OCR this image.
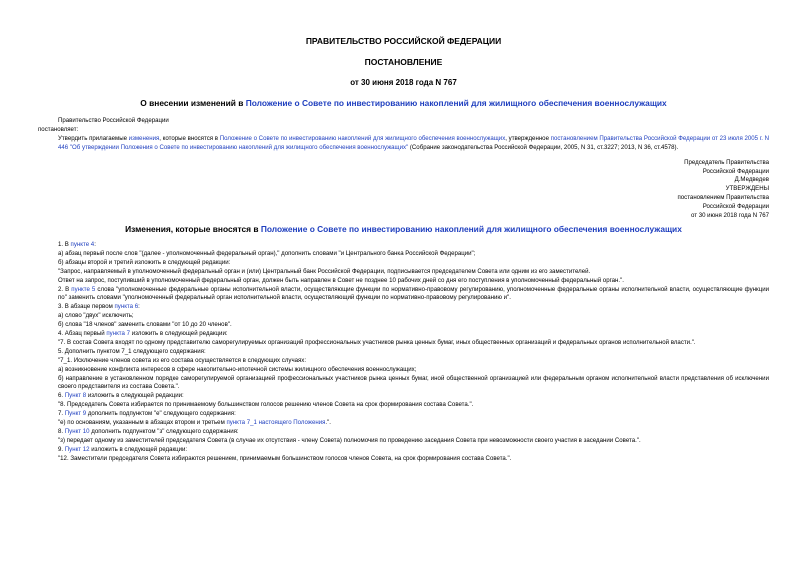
ПРАВИТЕЛЬСТВО РОССИЙСКОЙ ФЕДЕРАЦИИ
ПОСТАНОВЛЕНИЕ
от 30 июня 2018 года N 767
О внесении изменений в Положение о Совете по инвестированию накоплений для жилищного обеспечения военнослужащих

Правительство Российской Федерации

постановляет:

Утвердить прилагаемые изменения, которые вносятся в Положение о Совете по инвестированию накоплений для жилищного обеспечения военнослужащих, утвержденное постановлением Правительства Российской Федерации от 23 июля 2005 г. N 446 "Об утверждении Положения о Совете по инвестированию накоплений для жилищного обеспечения военнослужащих" (Собрание законодательства Российской Федерации, 2005, N 31, ст.3227; 2013, N 36, ст.4578).

Председатель Правительства

Российской Федерации

Д.Медведев

УТВЕРЖДЕНЫ

постановлением Правительства

Российской Федерации

от 30 июня 2018 года N 767

Изменения, которые вносятся в Положение о Совете по инвестированию накоплений для жилищного обеспечения военнослужащих

1. В пункте 4:

а) абзац первый после слов "(далее - уполномоченный федеральный орган)," дополнить словами "и Центрального банка Российской Федерации";

б) абзацы второй и третий изложить в следующей редакции:

"Запрос, направляемый в уполномоченный федеральный орган и (или) Центральный банк Российской Федерации, подписывается председателем Совета или одним из его заместителей.

Ответ на запрос, поступивший в уполномоченный федеральный орган, должен быть направлен в Совет не позднее 10 рабочих дней со дня его поступления в уполномоченный федеральный орган.".

2. В пункте 5 слова "уполномоченные федеральные органы исполнительной власти, осуществляющие функции по нормативно-правовому регулированию, уполномоченные федеральные органы исполнительной власти, осуществляющие функции по" заменить словами "уполномоченный федеральный орган исполнительной власти, осуществляющий функции по нормативно-правовому регулированию и".

3. В абзаце первом пункта 6:

а) слово "двух" исключить;

б) слова "18 членов" заменить словами "от 10 до 20 членов".

4. Абзац первый пункта 7 изложить в следующей редакции:

"7. В состав Совета входят по одному представителю саморегулируемых организаций профессиональных участников рынка ценных бумаг, иных общественных организаций и федеральных органов исполнительной власти.".

5. Дополнить пунктом 7_1 следующего содержания:

"7_1. Исключение членов совета из его состава осуществляется в следующих случаях:

а) возникновение конфликта интересов в сфере накопительно-ипотечной системы жилищного обеспечения военнослужащих;

б) направление в установленном порядке саморегулируемой организацией профессиональных участников рынка ценных бумаг, иной общественной организацией или федеральным органом исполнительной власти представления об исключении своего представителя из состава Совета.".

6. Пункт 8 изложить в следующей редакции:

"8. Председатель Совета избирается по принимаемому большинством голосов решению членов Совета на срок формирования состава Совета.".

7. Пункт 9 дополнить подпунктом "е" следующего содержания:

"е) по основаниям, указанным в абзацах втором и третьем пункта 7_1 настоящего Положения.".

8. Пункт 10 дополнить подпунктом "з" следующего содержания:

"з) передает одному из заместителей председателя Совета (в случае их отсутствия - члену Совета) полномочия по проведению заседания Совета при невозможности своего участия в заседании Совета.".

9. Пункт 12 изложить в следующей редакции:

"12. Заместители председателя Совета избираются решением, принимаемым большинством голосов членов Совета, на срок формирования состава Совета.".
